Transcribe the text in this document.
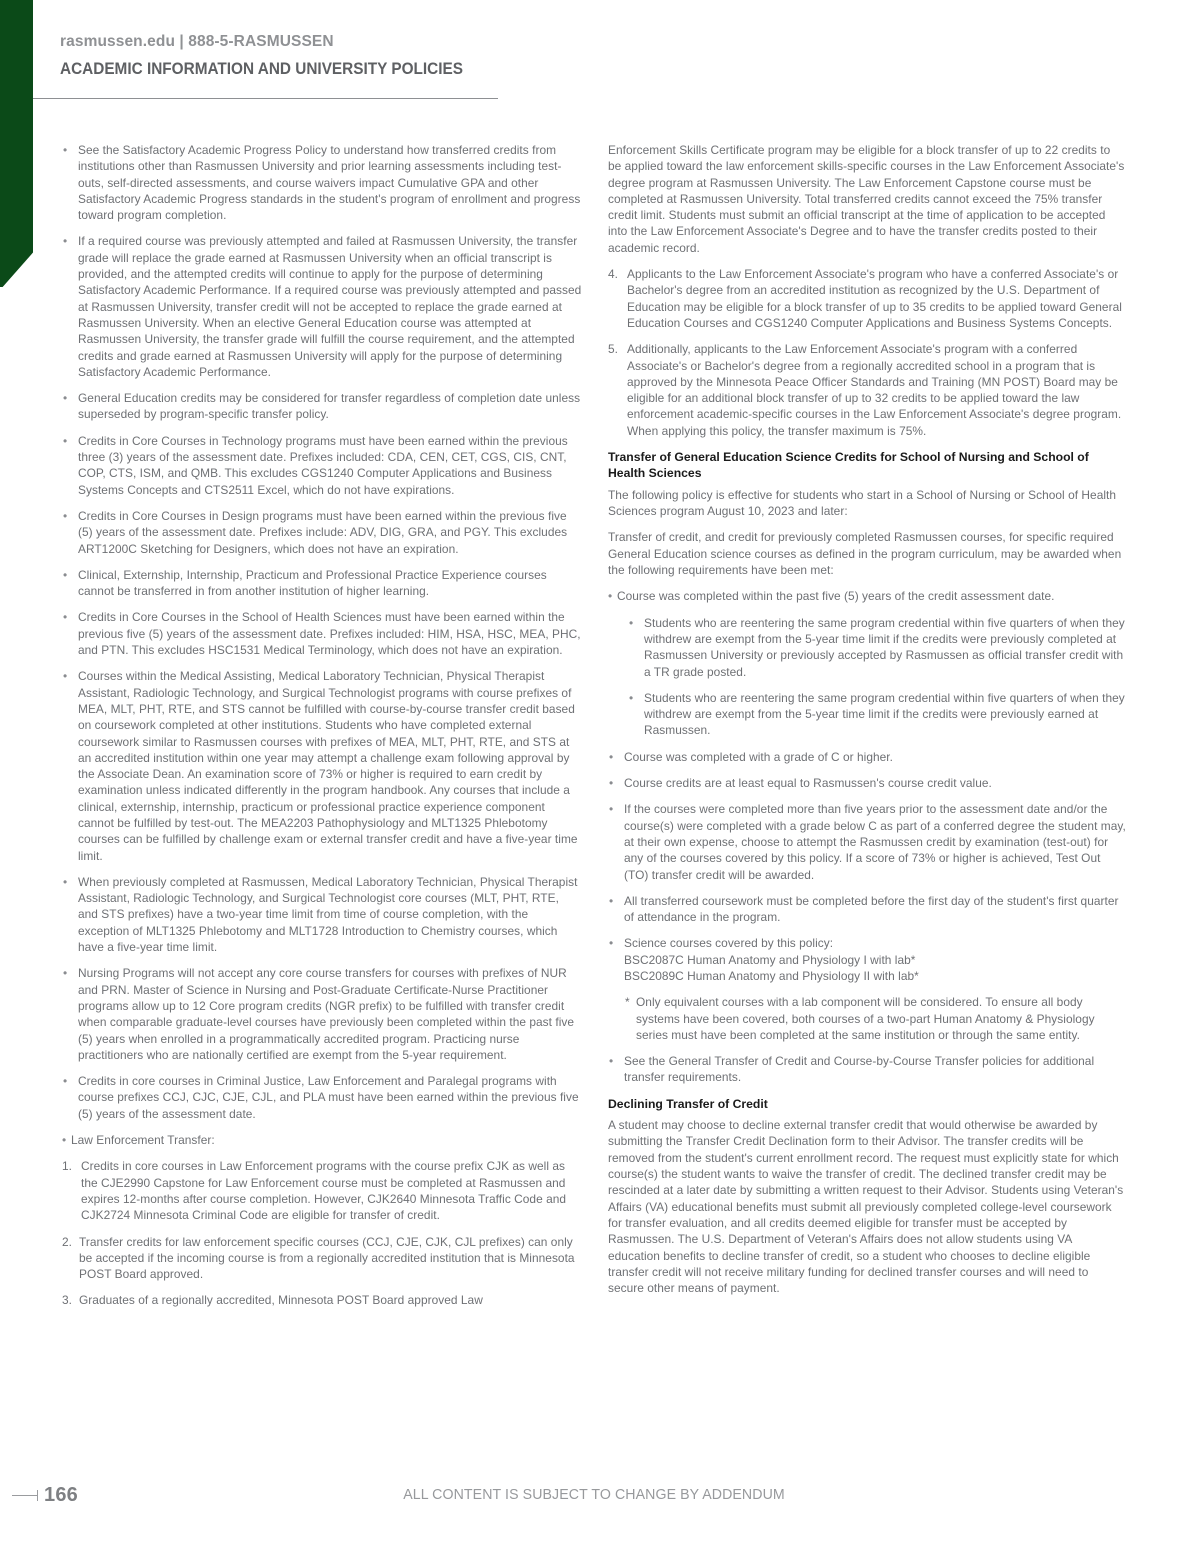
rasmussen.edu | 888-5-RASMUSSEN
ACADEMIC INFORMATION AND UNIVERSITY POLICIES
• See the Satisfactory Academic Progress Policy to understand how transferred credits from institutions other than Rasmussen University and prior learning assessments including test-outs, self-directed assessments, and course waivers impact Cumulative GPA and other Satisfactory Academic Progress standards in the student's program of enrollment and progress toward program completion.
• If a required course was previously attempted and failed at Rasmussen University, the transfer grade will replace the grade earned at Rasmussen University when an official transcript is provided, and the attempted credits will continue to apply for the purpose of determining Satisfactory Academic Performance. If a required course was previously attempted and passed at Rasmussen University, transfer credit will not be accepted to replace the grade earned at Rasmussen University. When an elective General Education course was attempted at Rasmussen University, the transfer grade will fulfill the course requirement, and the attempted credits and grade earned at Rasmussen University will apply for the purpose of determining Satisfactory Academic Performance.
• General Education credits may be considered for transfer regardless of completion date unless superseded by program-specific transfer policy.
• Credits in Core Courses in Technology programs must have been earned within the previous three (3) years of the assessment date. Prefixes included: CDA, CEN, CET, CGS, CIS, CNT, COP, CTS, ISM, and QMB. This excludes CGS1240 Computer Applications and Business Systems Concepts and CTS2511 Excel, which do not have expirations.
• Credits in Core Courses in Design programs must have been earned within the previous five (5) years of the assessment date. Prefixes include: ADV, DIG, GRA, and PGY. This excludes ART1200C Sketching for Designers, which does not have an expiration.
• Clinical, Externship, Internship, Practicum and Professional Practice Experience courses cannot be transferred in from another institution of higher learning.
• Credits in Core Courses in the School of Health Sciences must have been earned within the previous five (5) years of the assessment date. Prefixes included: HIM, HSA, HSC, MEA, PHC, and PTN. This excludes HSC1531 Medical Terminology, which does not have an expiration.
• Courses within the Medical Assisting, Medical Laboratory Technician, Physical Therapist Assistant, Radiologic Technology, and Surgical Technologist programs with course prefixes of MEA, MLT, PHT, RTE, and STS cannot be fulfilled with course-by-course transfer credit based on coursework completed at other institutions. Students who have completed external coursework similar to Rasmussen courses with prefixes of MEA, MLT, PHT, RTE, and STS at an accredited institution within one year may attempt a challenge exam following approval by the Associate Dean. An examination score of 73% or higher is required to earn credit by examination unless indicated differently in the program handbook. Any courses that include a clinical, externship, internship, practicum or professional practice experience component cannot be fulfilled by test-out. The MEA2203 Pathophysiology and MLT1325 Phlebotomy courses can be fulfilled by challenge exam or external transfer credit and have a five-year time limit.
• When previously completed at Rasmussen, Medical Laboratory Technician, Physical Therapist Assistant, Radiologic Technology, and Surgical Technologist core courses (MLT, PHT, RTE, and STS prefixes) have a two-year time limit from time of course completion, with the exception of MLT1325 Phlebotomy and MLT1728 Introduction to Chemistry courses, which have a five-year time limit.
• Nursing Programs will not accept any core course transfers for courses with prefixes of NUR and PRN. Master of Science in Nursing and Post-Graduate Certificate-Nurse Practitioner programs allow up to 12 Core program credits (NGR prefix) to be fulfilled with transfer credit when comparable graduate-level courses have previously been completed within the past five (5) years when enrolled in a programmatically accredited program. Practicing nurse practitioners who are nationally certified are exempt from the 5-year requirement.
• Credits in core courses in Criminal Justice, Law Enforcement and Paralegal programs with course prefixes CCJ, CJC, CJE, CJL, and PLA must have been earned within the previous five (5) years of the assessment date.
• Law Enforcement Transfer:
1. Credits in core courses in Law Enforcement programs with the course prefix CJK as well as the CJE2990 Capstone for Law Enforcement course must be completed at Rasmussen and expires 12-months after course completion. However, CJK2640 Minnesota Traffic Code and CJK2724 Minnesota Criminal Code are eligible for transfer of credit.
2. Transfer credits for law enforcement specific courses (CCJ, CJE, CJK, CJL prefixes) can only be accepted if the incoming course is from a regionally accredited institution that is Minnesota POST Board approved.
3. Graduates of a regionally accredited, Minnesota POST Board approved Law
Enforcement Skills Certificate program may be eligible for a block transfer of up to 22 credits to be applied toward the law enforcement skills-specific courses in the Law Enforcement Associate's degree program at Rasmussen University. The Law Enforcement Capstone course must be completed at Rasmussen University. Total transferred credits cannot exceed the 75% transfer credit limit. Students must submit an official transcript at the time of application to be accepted into the Law Enforcement Associate's Degree and to have the transfer credits posted to their academic record.
4. Applicants to the Law Enforcement Associate's program who have a conferred Associate's or Bachelor's degree from an accredited institution as recognized by the U.S. Department of Education may be eligible for a block transfer of up to 35 credits to be applied toward General Education Courses and CGS1240 Computer Applications and Business Systems Concepts.
5. Additionally, applicants to the Law Enforcement Associate's program with a conferred Associate's or Bachelor's degree from a regionally accredited school in a program that is approved by the Minnesota Peace Officer Standards and Training (MN POST) Board may be eligible for an additional block transfer of up to 32 credits to be applied toward the law enforcement academic-specific courses in the Law Enforcement Associate's degree program. When applying this policy, the transfer maximum is 75%.
Transfer of General Education Science Credits for School of Nursing and School of Health Sciences
The following policy is effective for students who start in a School of Nursing or School of Health Sciences program August 10, 2023 and later:
Transfer of credit, and credit for previously completed Rasmussen courses, for specific required General Education science courses as defined in the program curriculum, may be awarded when the following requirements have been met:
• Course was completed within the past five (5) years of the credit assessment date.
• Students who are reentering the same program credential within five quarters of when they withdrew are exempt from the 5-year time limit if the credits were previously completed at Rasmussen University or previously accepted by Rasmussen as official transfer credit with a TR grade posted.
• Students who are reentering the same program credential within five quarters of when they withdrew are exempt from the 5-year time limit if the credits were previously earned at Rasmussen.
• Course was completed with a grade of C or higher.
• Course credits are at least equal to Rasmussen's course credit value.
• If the courses were completed more than five years prior to the assessment date and/or the course(s) were completed with a grade below C as part of a conferred degree the student may, at their own expense, choose to attempt the Rasmussen credit by examination (test-out) for any of the courses covered by this policy. If a score of 73% or higher is achieved, Test Out (TO) transfer credit will be awarded.
• All transferred coursework must be completed before the first day of the student's first quarter of attendance in the program.
• Science courses covered by this policy:
BSC2087C Human Anatomy and Physiology I with lab*
BSC2089C Human Anatomy and Physiology II with lab*
* Only equivalent courses with a lab component will be considered. To ensure all body systems have been covered, both courses of a two-part Human Anatomy & Physiology series must have been completed at the same institution or through the same entity.
• See the General Transfer of Credit and Course-by-Course Transfer policies for additional transfer requirements.
Declining Transfer of Credit
A student may choose to decline external transfer credit that would otherwise be awarded by submitting the Transfer Credit Declination form to their Advisor. The transfer credits will be removed from the student's current enrollment record. The request must explicitly state for which course(s) the student wants to waive the transfer of credit. The declined transfer credit may be rescinded at a later date by submitting a written request to their Advisor. Students using Veteran's Affairs (VA) educational benefits must submit all previously completed college-level coursework for transfer evaluation, and all credits deemed eligible for transfer must be accepted by Rasmussen. The U.S. Department of Veteran's Affairs does not allow students using VA education benefits to decline transfer of credit, so a student who chooses to decline eligible transfer credit will not receive military funding for declined transfer courses and will need to secure other means of payment.
166	ALL CONTENT IS SUBJECT TO CHANGE BY ADDENDUM
